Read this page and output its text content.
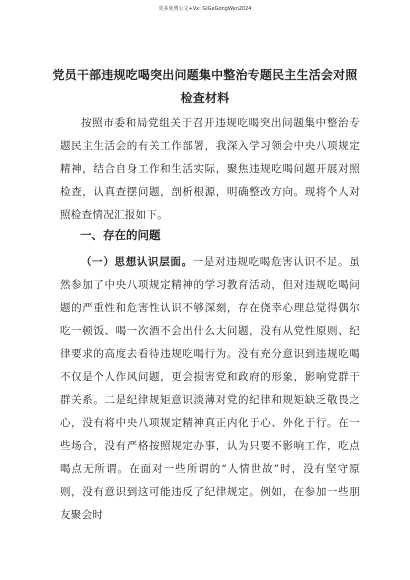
更多免费公文+Vx: GiGeGongWen2024
党员干部违规吃喝突出问题集中整治专题民主生活会对照
检查材料
按照市委和局党组关于召开违规吃喝突出问题集中整治专题民主生活会的有关工作部署，我深入学习领会中央八项规定精神，结合自身工作和生活实际，聚焦违规吃喝问题开展对照检查，认真查摆问题，剖析根源，明确整改方向。现将个人对照检查情况汇报如下。
一、存在的问题
（一）思想认识层面。一是对违规吃喝危害认识不足。虽然参加了中央八项规定精神的学习教育活动，但对违规吃喝问题的严重性和危害性认识不够深刻，存在侥幸心理总觉得偶尔吃一顿饭、喝一次酒不会出什么大问题，没有从党性原则、纪律要求的高度去看待违规吃喝行为。没有充分意识到违规吃喝不仅是个人作风问题，更会损害党和政府的形象，影响党群干群关系。二是纪律规矩意识淡薄对党的纪律和规矩缺乏敬畏之心，没有将中央八项规定精神真正内化于心、外化于行。在一些场合，没有严格按照规定办事，认为只要不影响工作，吃点喝点无所谓。在面对一些所谓的“人情世故”时，没有坚守原则，没有意识到这可能违反了纪律规定。例如，在参加一些朋友聚会时
